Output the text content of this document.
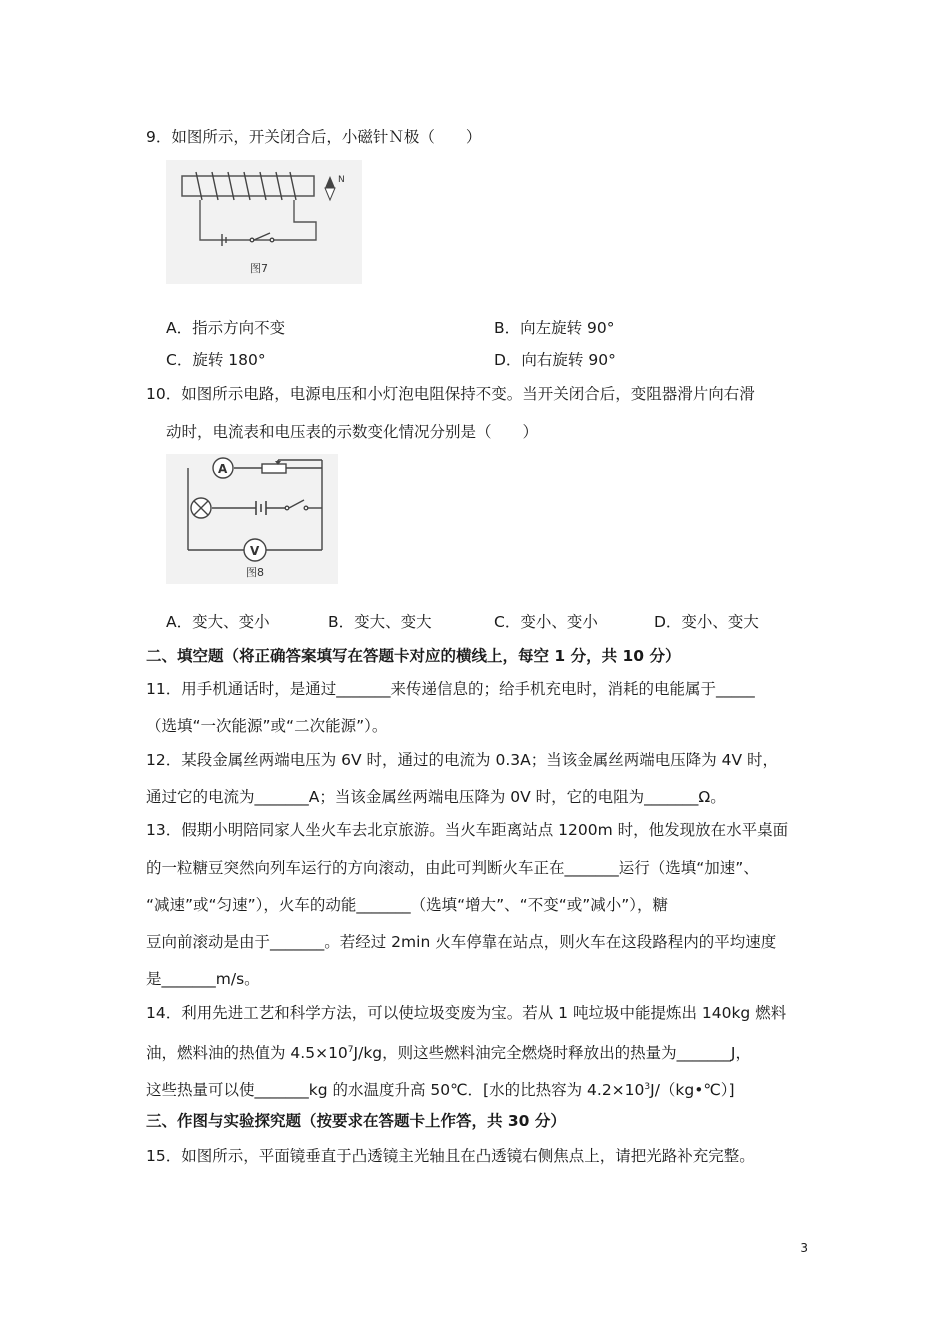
9．如图所示，开关闭合后，小磁针Ｎ极（　　）
N
图7
A．指示方向不变	B．向左旋转 90°
C．旋转 180°	D．向右旋转 90°
10．如图所示电路，电源电压和小灯泡电阻保持不变。当开关闭合后，变阻器滑片向右滑
动时，电流表和电压表的示数变化情况分别是（　　）
A
V
图8
A．变大、变小	B．变大、变大	C．变小、变小	D．变小、变大
二、填空题（将正确答案填写在答题卡对应的横线上，每空 1 分，共 10 分）
11．用手机通话时，是通过_______来传递信息的；给手机充电时，消耗的电能属于_____
（选填“一次能源”或“二次能源”）。
12．某段金属丝两端电压为 6V 时，通过的电流为 0.3A；当该金属丝两端电压降为 4V 时，
通过它的电流为_______A；当该金属丝两端电压降为 0V 时，它的电阻为_______Ω。
13．假期小明陪同家人坐火车去北京旅游。当火车距离站点 1200m 时，他发现放在水平桌面
的一粒糖豆突然向列车运行的方向滚动，由此可判断火车正在_______运行（选填“加速”、
“减速”或“匀速”），火车的动能_______（选填“增大”、“不变“或”减小”），糖
豆向前滚动是由于_______。若经过 2min 火车停靠在站点，则火车在这段路程内的平均速度
是_______m/s。
14．利用先进工艺和科学方法，可以使垃圾变废为宝。若从 1 吨垃圾中能提炼出 140kg 燃料
油，燃料油的热值为 $4.5\times 10^7J/kg$，则这些燃料油完全燃烧时释放出的热量为_______J，
这些热量可以使_______kg 的水温度升高 50℃．[水的比热容为 $4.2\times 10^3J/(kg•℃)$]
三、作图与实验探究题（按要求在答题卡上作答，共 30 分）
15．如图所示，平面镜垂直于凸透镜主光轴且在凸透镜右侧焦点上，请把光路补充完整。
3
